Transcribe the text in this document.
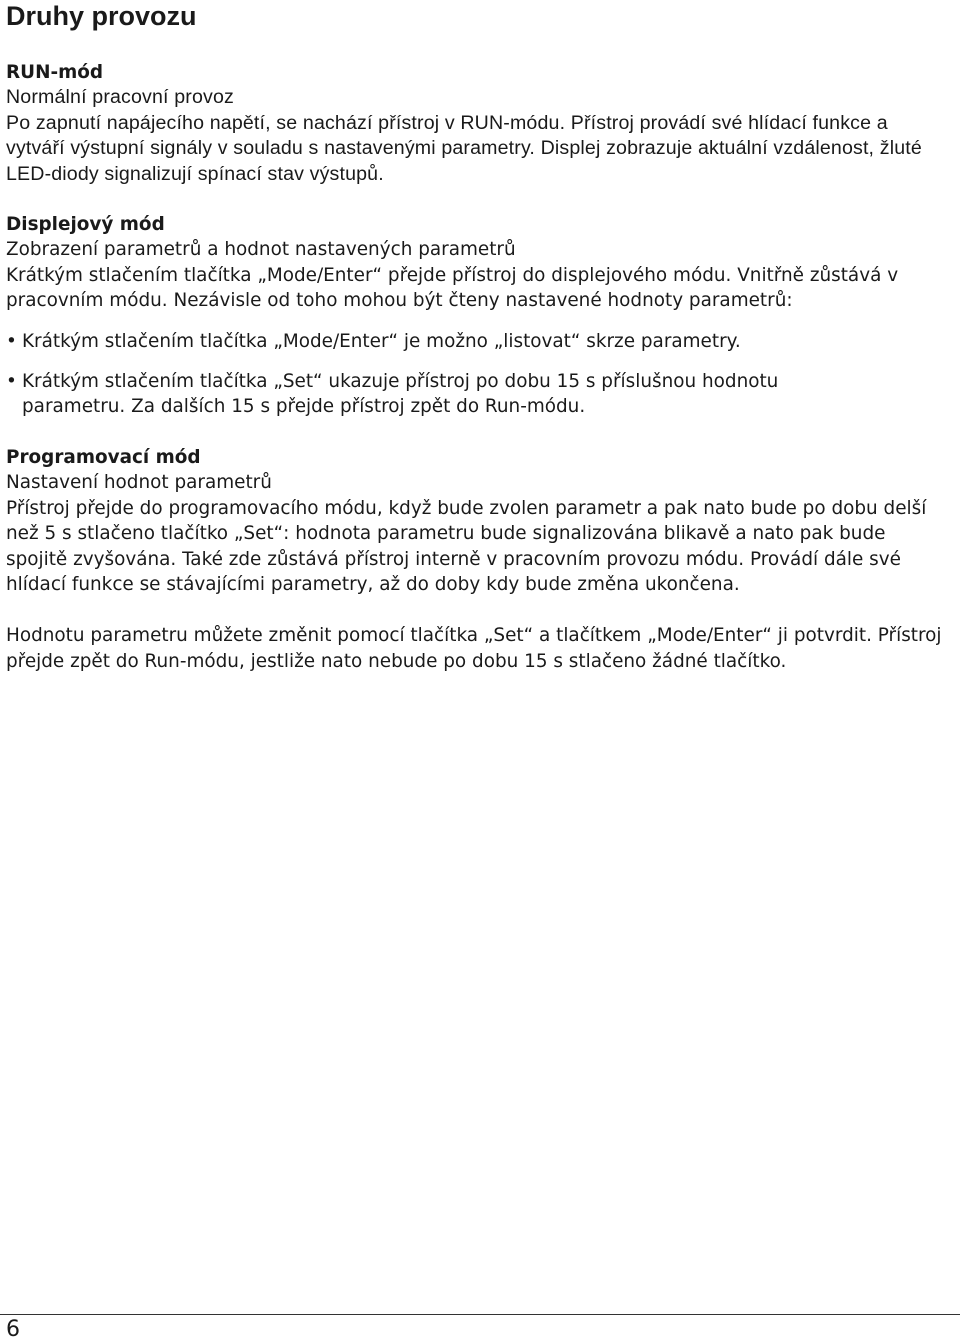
Druhy provozu

RUN-mód

Normální pracovní provoz

Po zapnutí napájecího napětí, se nachází přístroj v RUN-módu. Přístroj provádí své hlídací funkce a vytváří výstupní signály v souladu s nastavenými parametry. Displej zobrazuje aktuální vzdálenost, žluté LED-diody signalizují spínací stav výstupů.

Displejový mód

Zobrazení parametrů a hodnot nastavených parametrů

Krátkým stlačením tlačítka „Mode/Enter“ přejde přístroj do displejového módu. Vnitřně zůstává v pracovním módu. Nezávisle od toho mohou být čteny nastavené hodnoty parametrů:

• Krátkým stlačením tlačítka „Mode/Enter“ je možno „listovat“ skrze parametry.

• Krátkým stlačením tlačítka „Set“ ukazuje přístroj po dobu 15 s příslušnou hodnotu parametru. Za dalších 15 s přejde přístroj zpět do Run-módu.

Programovací mód

Nastavení hodnot parametrů

Přístroj přejde do programovacího módu, když bude zvolen parametr a pak nato bude po dobu delší než 5 s stlačeno tlačítko „Set“: hodnota parametru bude signalizována blikavě a nato pak bude spojitě zvyšována. Také zde zůstává přístroj interně v pracovním provozu módu. Provádí dále své hlídací funkce se stávajícími parametry, až do doby kdy bude změna ukončena.

Hodnotu parametru můžete změnit pomocí tlačítka „Set“ a tlačítkem „Mode/Enter“ ji potvrdit. Přístroj přejde zpět do Run-módu, jestliže nato nebude po dobu 15 s stlačeno žádné tlačítko.

6
